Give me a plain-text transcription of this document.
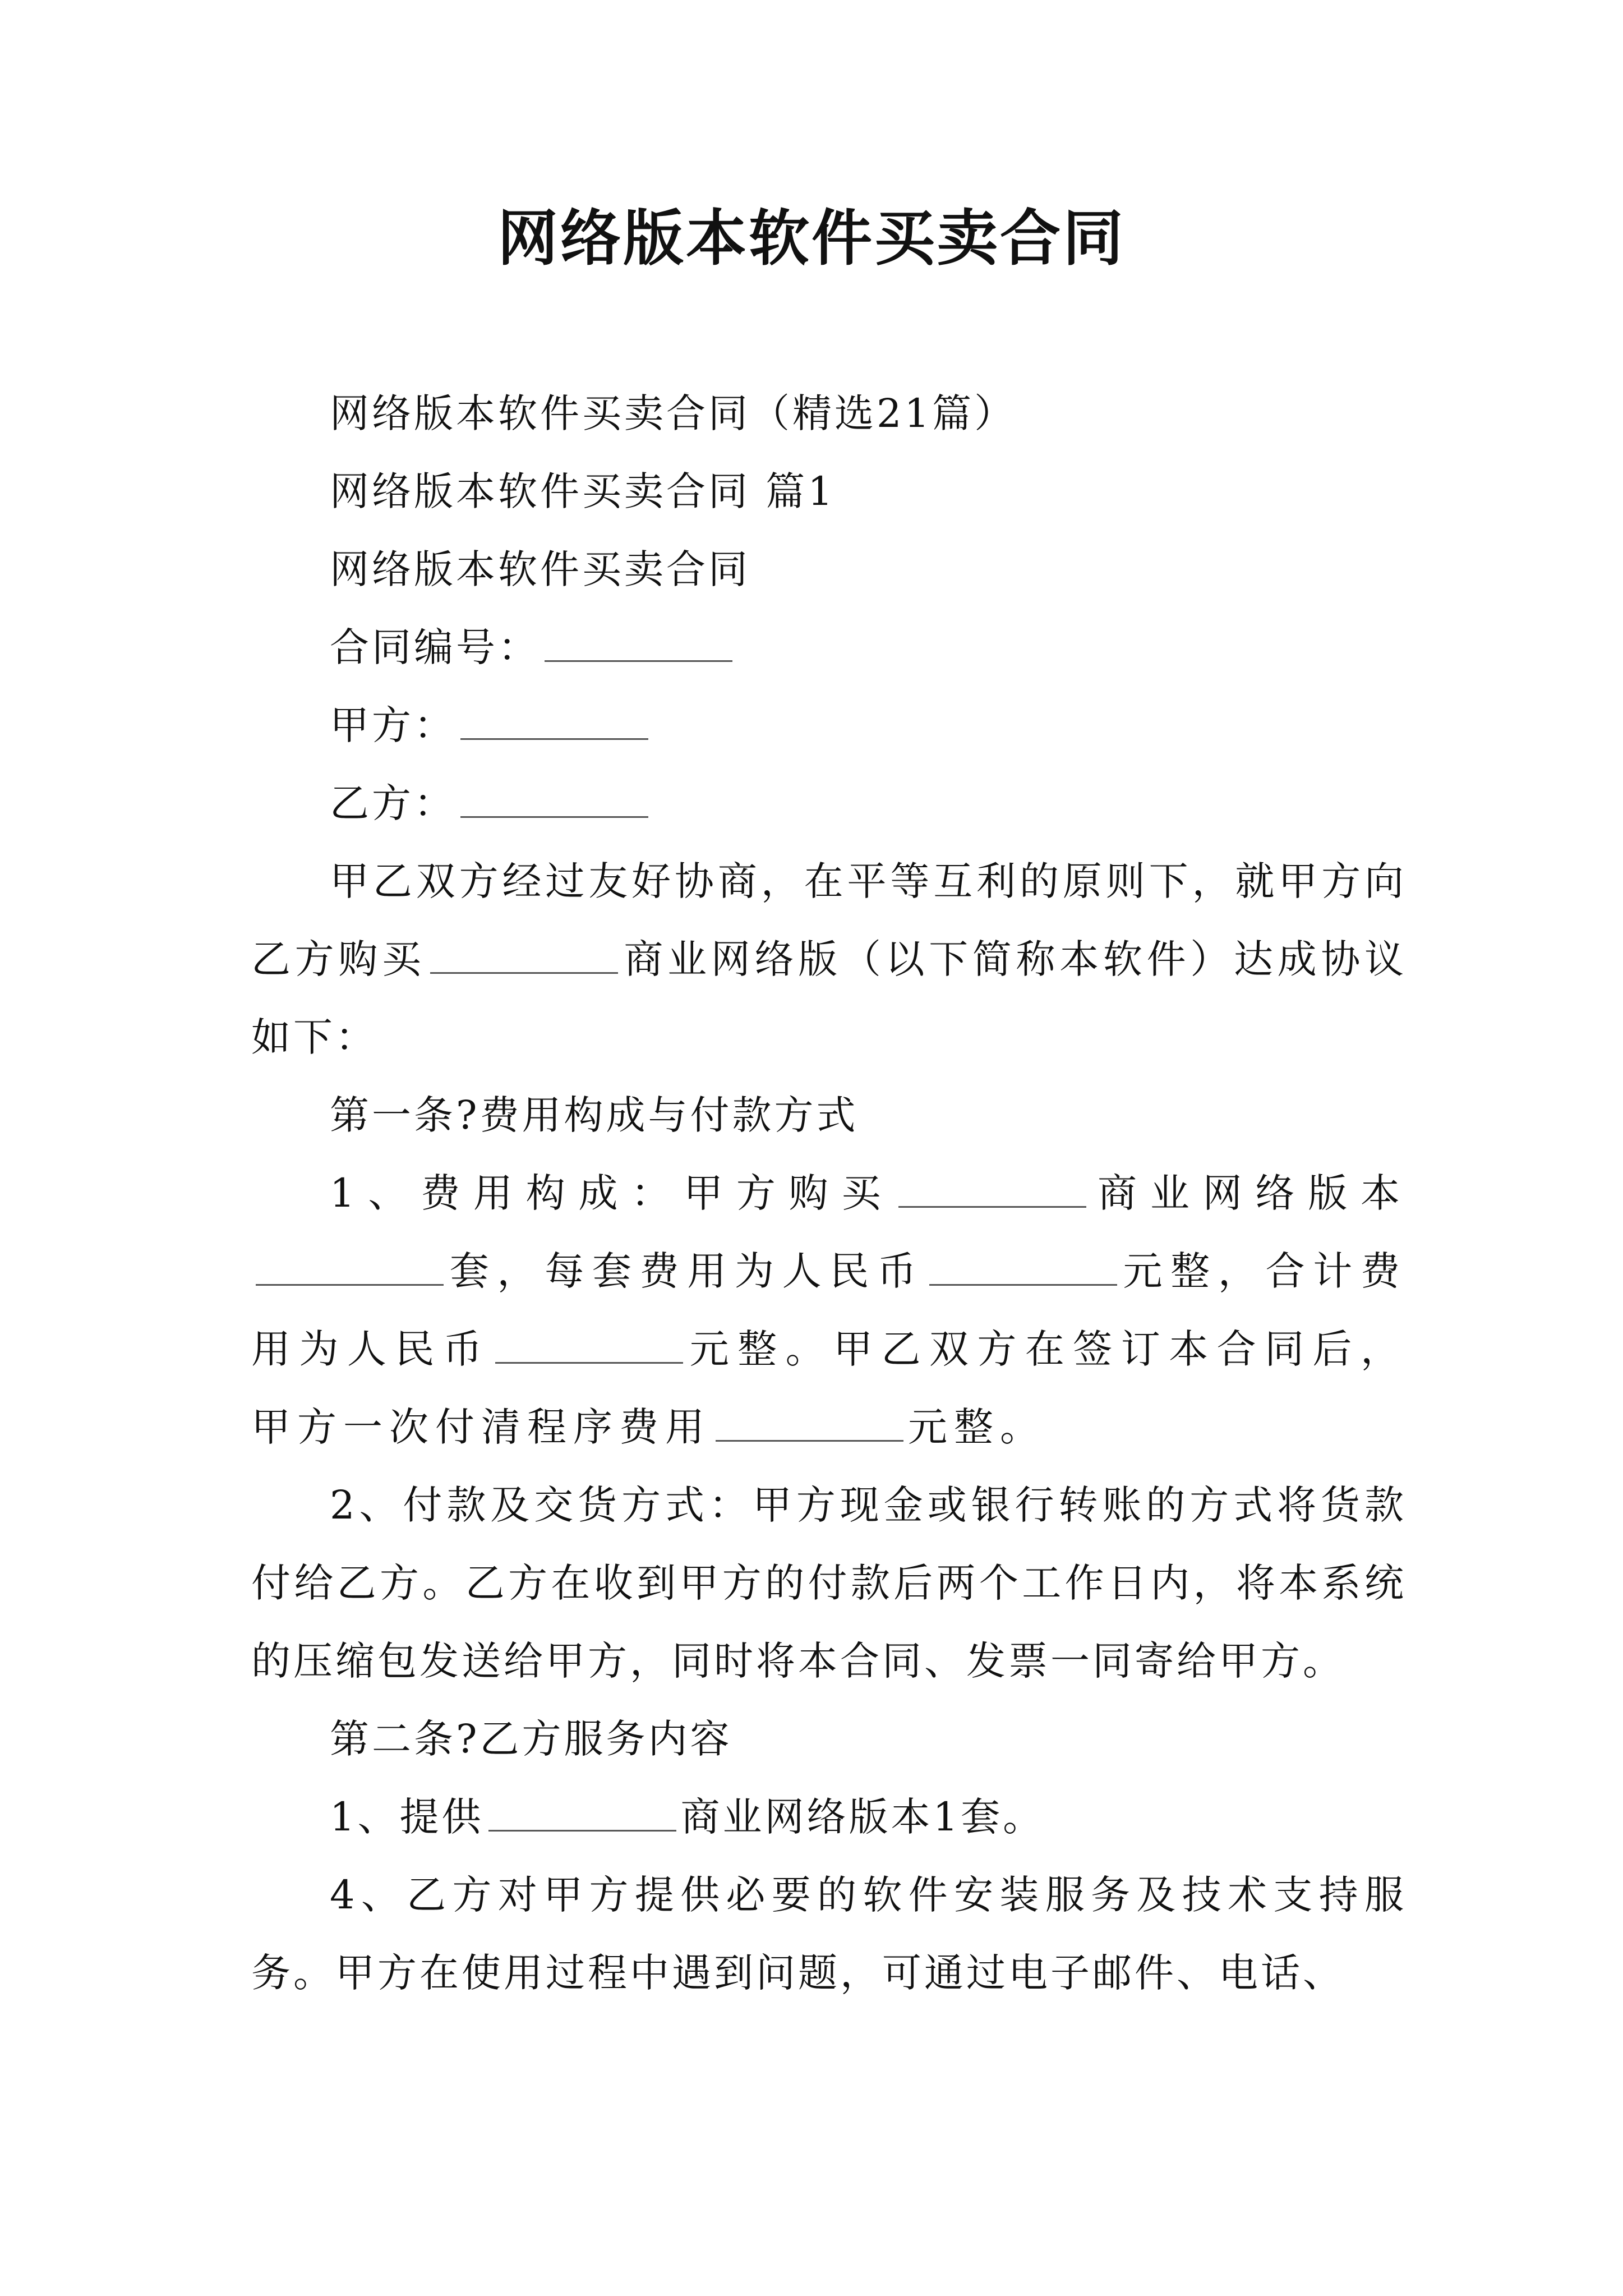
网络版本软件买卖合同

网络版本软件买卖合同（精选21篇）

网络版本软件买卖合同 篇1

网络版本软件买卖合同

合同编号：

甲方：

乙方：

甲乙双方经过友好协商，在平等互利的原则下，就甲方向乙方购买	商业网络版（以下简称本软件）达成协议如下：

第一条?费用构成与付款方式

1、费用构成：甲方购买	商业网络版本套，每套费用为人民币	元整，合计费用为人民币	元整。甲乙双方在签订本合同后，甲方一次付清程序费用	元整。

2、付款及交货方式：甲方现金或银行转账的方式将货款付给乙方。乙方在收到甲方的付款后两个工作日内，将本系统的压缩包发送给甲方，同时将本合同、发票一同寄给甲方。

第二条?乙方服务内容

1、提供	商业网络版本1套。

4、乙方对甲方提供必要的软件安装服务及技术支持服务。甲方在使用过程中遇到问题，可通过电子邮件、电话、
